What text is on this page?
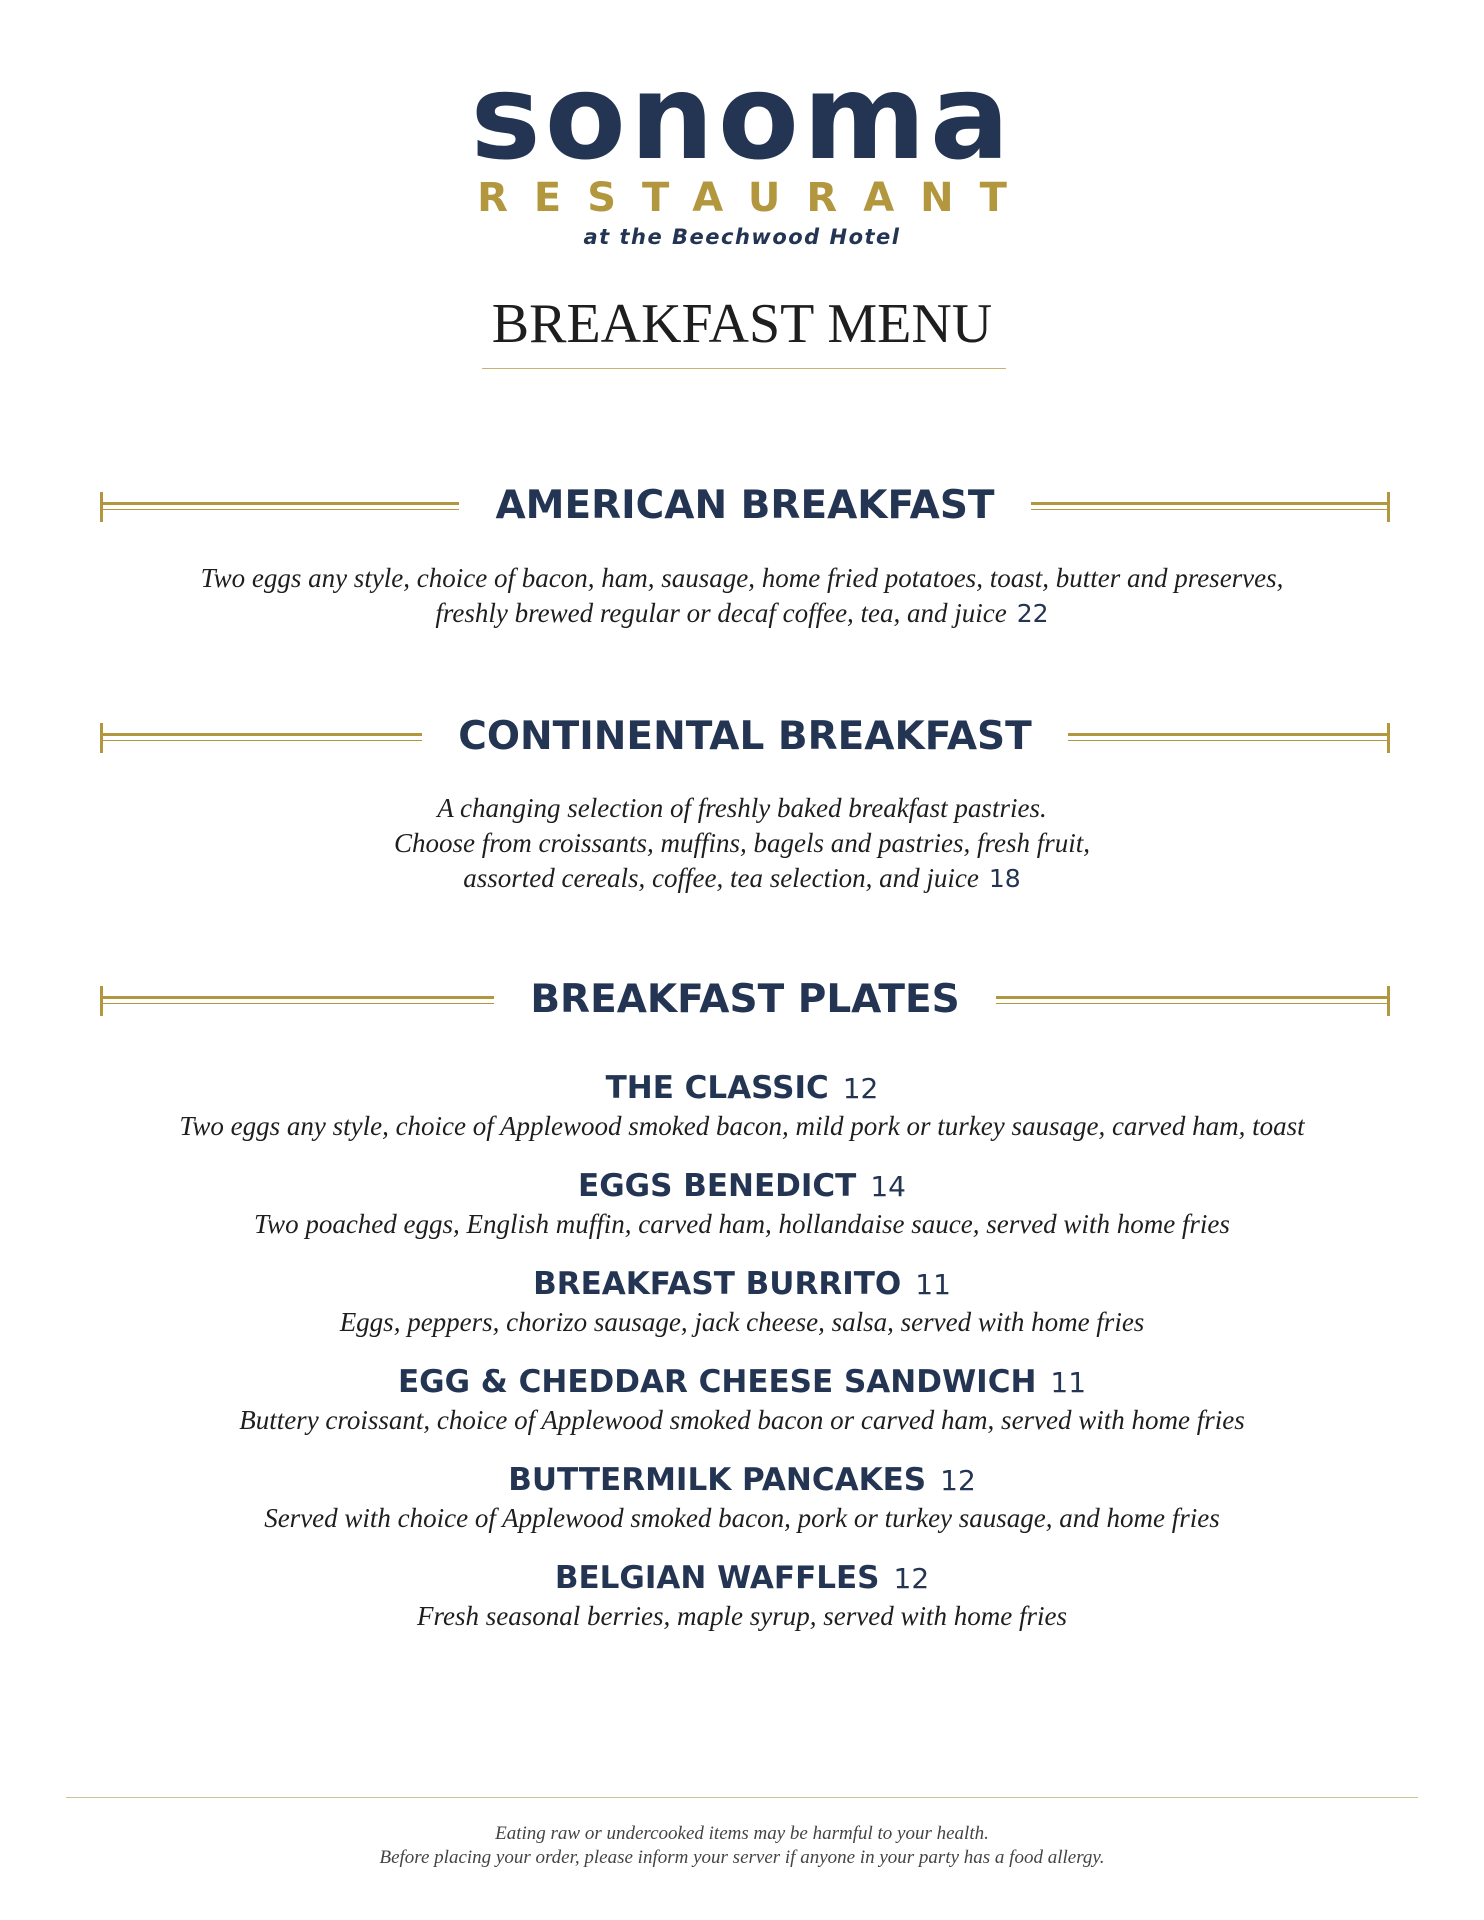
sonoma
RESTAURANT
at the Beechwood Hotel
BREAKFAST MENU
AMERICAN BREAKFAST
Two eggs any style, choice of bacon, ham, sausage, home fried potatoes, toast, butter and preserves,
freshly brewed regular or decaf coffee, tea, and juice 22
CONTINENTAL BREAKFAST
A changing selection of freshly baked breakfast pastries.
Choose from croissants, muffins, bagels and pastries, fresh fruit,
assorted cereals, coffee, tea selection, and juice 18
BREAKFAST PLATES
THE CLASSIC 12
Two eggs any style, choice of Applewood smoked bacon, mild pork or turkey sausage, carved ham, toast
EGGS BENEDICT 14
Two poached eggs, English muffin, carved ham, hollandaise sauce, served with home fries
BREAKFAST BURRITO 11
Eggs, peppers, chorizo sausage, jack cheese, salsa, served with home fries
EGG & CHEDDAR CHEESE SANDWICH 11
Buttery croissant, choice of Applewood smoked bacon or carved ham, served with home fries
BUTTERMILK PANCAKES 12
Served with choice of Applewood smoked bacon, pork or turkey sausage, and home fries
BELGIAN WAFFLES 12
Fresh seasonal berries, maple syrup, served with home fries
Eating raw or undercooked items may be harmful to your health.
Before placing your order, please inform your server if anyone in your party has a food allergy.
